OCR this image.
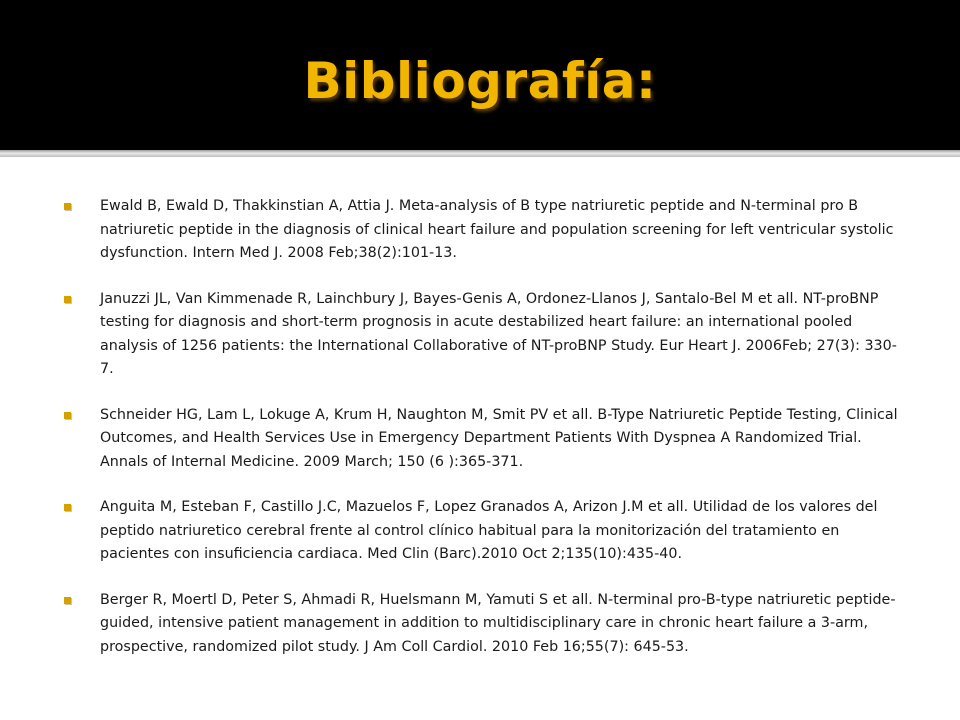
Bibliografía:
Ewald B, Ewald D, Thakkinstian A, Attia J. Meta-analysis of B type natriuretic peptide and N-terminal pro B natriuretic peptide in the diagnosis of clinical heart failure and population screening for left ventricular systolic dysfunction. Intern Med J. 2008 Feb;38(2):101-13.
Januzzi JL, Van Kimmenade R, Lainchbury J, Bayes-Genis A, Ordonez-Llanos J, Santalo-Bel M et all. NT-proBNP testing for diagnosis and short-term prognosis in acute destabilized heart failure: an international pooled analysis of 1256 patients: the International Collaborative of NT-proBNP Study. Eur Heart J. 2006Feb; 27(3): 330-7.
Schneider HG, Lam L, Lokuge A, Krum H, Naughton M, Smit PV et all. B-Type Natriuretic Peptide Testing, Clinical Outcomes, and Health Services Use in Emergency Department Patients With Dyspnea A Randomized Trial. Annals of Internal Medicine. 2009 March; 150 (6 ):365-371.
Anguita M, Esteban F, Castillo J.C, Mazuelos F, Lopez Granados A, Arizon J.M et all. Utilidad de los valores del peptido natriuretico cerebral frente al control clínico habitual para la monitorización del tratamiento en pacientes con insuficiencia cardiaca. Med Clin (Barc).2010 Oct 2;135(10):435-40.
Berger R, Moertl D, Peter S, Ahmadi R, Huelsmann M, Yamuti S et all. N-terminal pro-B-type natriuretic peptide-guided, intensive patient management in addition to multidisciplinary care in chronic heart failure a 3-arm, prospective, randomized pilot study. J Am Coll Cardiol. 2010 Feb 16;55(7): 645-53.
